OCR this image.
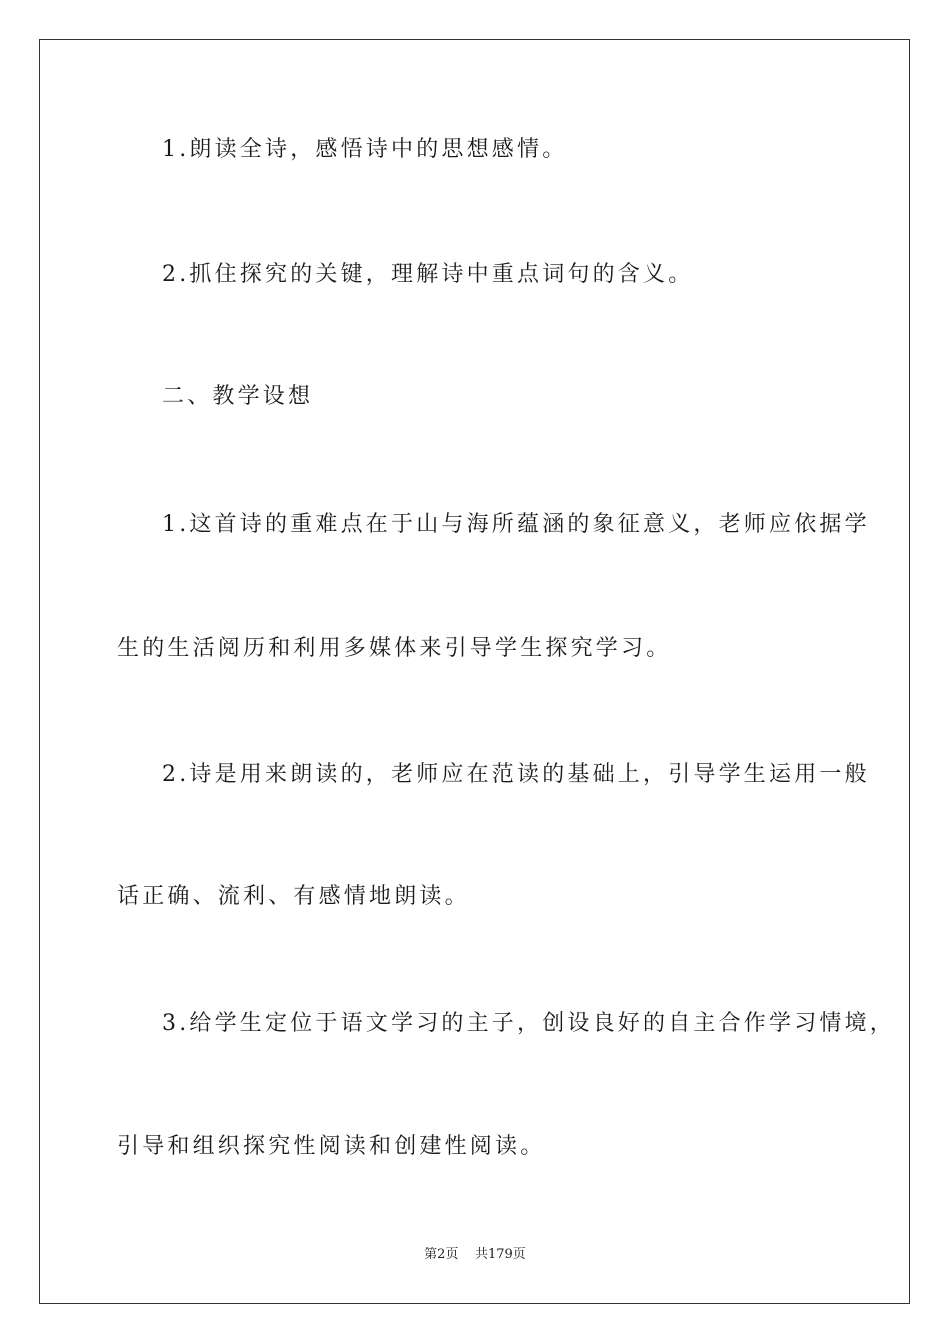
1.朗读全诗，感悟诗中的思想感情。
2.抓住探究的关键，理解诗中重点词句的含义。
二、教学设想
1.这首诗的重难点在于山与海所蕴涵的象征意义，老师应依据学
生的生活阅历和利用多媒体来引导学生探究学习。
2.诗是用来朗读的，老师应在范读的基础上，引导学生运用一般
话正确、流利、有感情地朗读。
3.给学生定位于语文学习的主子，创设良好的自主合作学习情境，
引导和组织探究性阅读和创建性阅读。
第2页 共179页
